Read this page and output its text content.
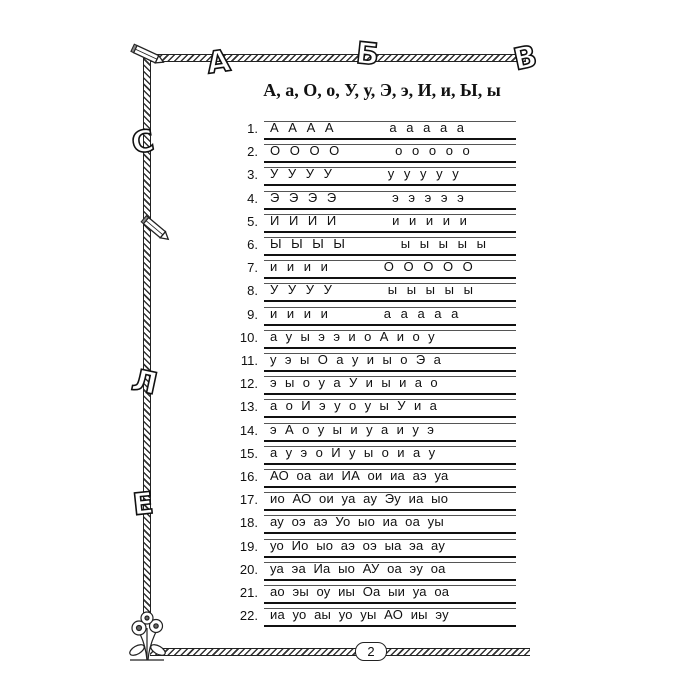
А	Б	В
С
Л
Е
А, а, О, о, У, у, Э, э, И, и, Ы, ы
1. А А А А        а а а а а
2. О О О О        о о о о о
3. У У У У        у у у у у
4. Э Э Э Э        э э э э э
5. И И И И        и и и и и
6. Ы Ы Ы Ы        ы ы ы ы ы
7. и и и и        О О О О О
8. У У У У        ы ы ы ы ы
9. и и и и        а а а а а
10. а у ы э э и о А и о у
11. у э ы О а у и ы о Э а
12. э ы о у а У и ы и а о
13. а о И э у о у ы У и а
14. э А о у ы и у а и у э
15. а у э о И у ы о и а у
16. АО  оа  аи  ИА  ои  иа  аэ  уа
17. ио  АО  ои  уа  ау  Эу  иа  ыо
18. ау  оэ  аэ  Уо  ыо  иа  оа  уы
19. уо  Ио  ыо  аэ  оэ  ыа  эа  ау
20. уа  эа  Иа  ыо  АУ  оа  эу  оа
21. ао  эы  оу  иы  Оа  ыи  уа  оа
22. иа  уо  аы  уо  уы  АО  иы  эу
2
